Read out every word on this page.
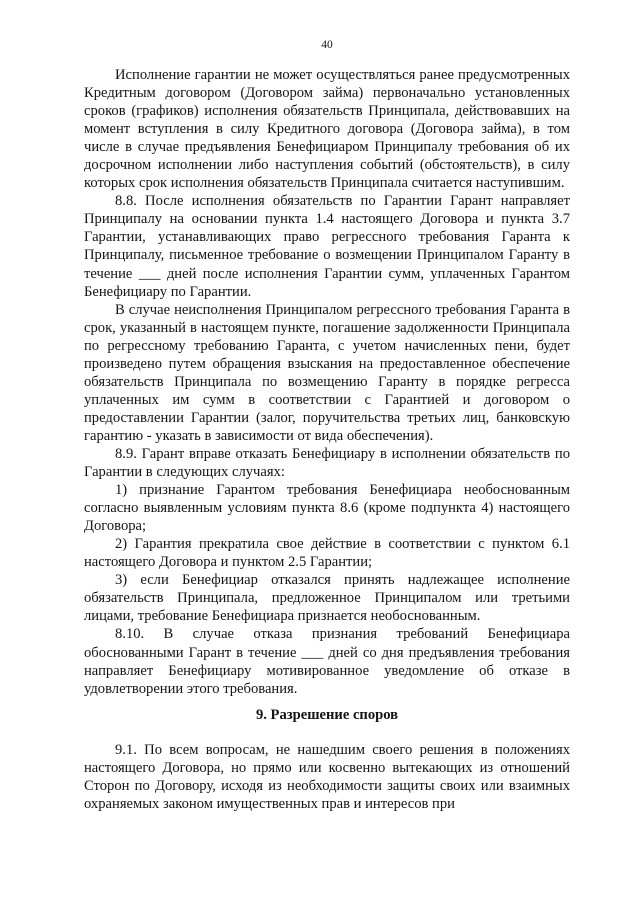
40

Исполнение гарантии не может осуществляться ранее предусмотренных Кредитным договором (Договором займа) первоначально установленных сроков (графиков) исполнения обязательств Принципала, действовавших на момент вступления в силу Кредитного договора (Договора займа), в том числе в случае предъявления Бенефициаром Принципалу требования об их досрочном исполнении либо наступления событий (обстоятельств), в силу которых срок исполнения обязательств Принципала считается наступившим.

8.8. После исполнения обязательств по Гарантии Гарант направляет Принципалу на основании пункта 1.4 настоящего Договора и пункта 3.7 Гарантии, устанавливающих право регрессного требования Гаранта к Принципалу, письменное требование о возмещении Принципалом Гаранту в течение ___ дней после исполнения Гарантии сумм, уплаченных Гарантом Бенефициару по Гарантии.

В случае неисполнения Принципалом регрессного требования Гаранта в срок, указанный в настоящем пункте, погашение задолженности Принципала по регрессному требованию Гаранта, с учетом начисленных пени, будет произведено путем обращения взыскания на предоставленное обеспечение обязательств Принципала по возмещению Гаранту в порядке регресса уплаченных им сумм в соответствии с Гарантией и договором о предоставлении Гарантии (залог, поручительства третьих лиц, банковскую гарантию - указать в зависимости от вида обеспечения).

8.9. Гарант вправе отказать Бенефициару в исполнении обязательств по Гарантии в следующих случаях:

1) признание Гарантом требования Бенефициара необоснованным согласно выявленным условиям пункта 8.6 (кроме подпункта 4) настоящего Договора;

2) Гарантия прекратила свое действие в соответствии с пунктом 6.1 настоящего Договора и пунктом 2.5 Гарантии;

3) если Бенефициар отказался принять надлежащее исполнение обязательств Принципала, предложенное Принципалом или третьими лицами, требование Бенефициара признается необоснованным.

8.10. В случае отказа признания требований Бенефициара обоснованными Гарант в течение ___ дней со дня предъявления требования направляет Бенефициару мотивированное уведомление об отказе в удовлетворении этого требования.

9. Разрешение споров

9.1. По всем вопросам, не нашедшим своего решения в положениях настоящего Договора, но прямо или косвенно вытекающих из отношений Сторон по Договору, исходя из необходимости защиты своих или взаимных охраняемых законом имущественных прав и интересов при
